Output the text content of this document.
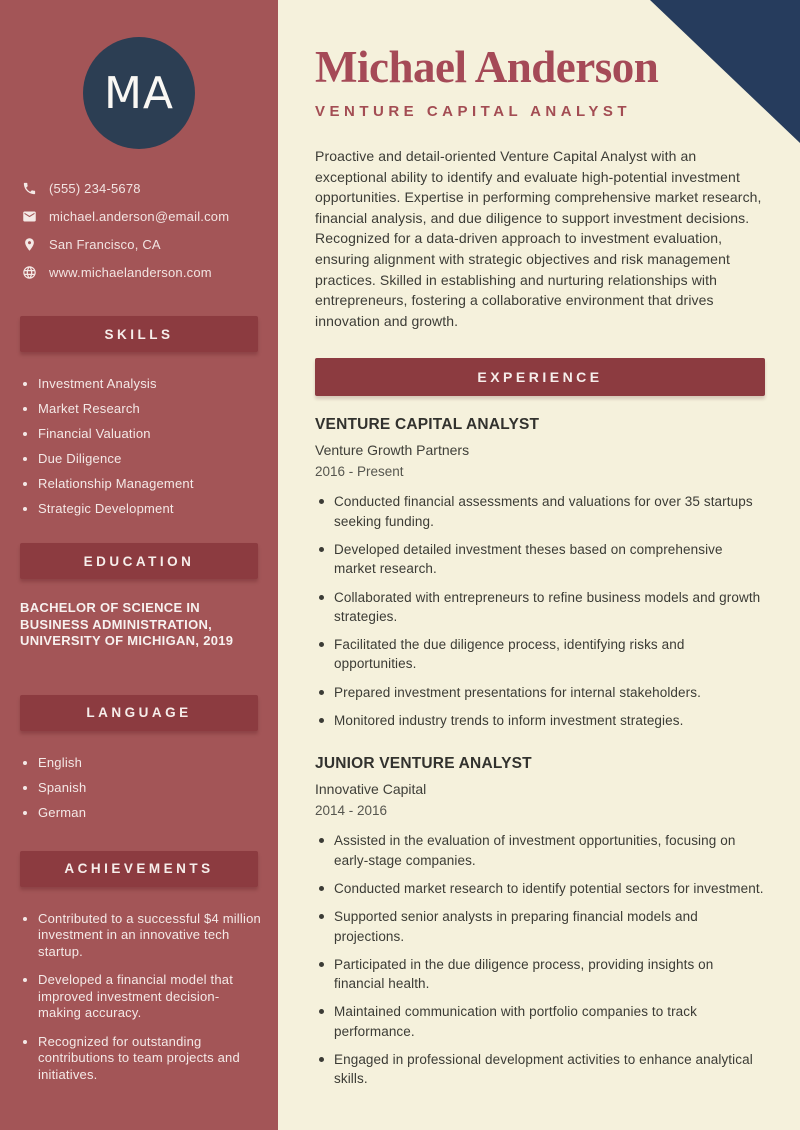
MA
(555) 234-5678
michael.anderson@email.com
San Francisco, CA
www.michaelanderson.com
SKILLS
Investment Analysis
Market Research
Financial Valuation
Due Diligence
Relationship Management
Strategic Development
EDUCATION
BACHELOR OF SCIENCE IN BUSINESS ADMINISTRATION, UNIVERSITY OF MICHIGAN, 2019
LANGUAGE
English
Spanish
German
ACHIEVEMENTS
Contributed to a successful $4 million investment in an innovative tech startup.
Developed a financial model that improved investment decision-making accuracy.
Recognized for outstanding contributions to team projects and initiatives.
Michael Anderson
VENTURE CAPITAL ANALYST

Proactive and detail-oriented Venture Capital Analyst with an exceptional ability to identify and evaluate high-potential investment opportunities. Expertise in performing comprehensive market research, financial analysis, and due diligence to support investment decisions. Recognized for a data-driven approach to investment evaluation, ensuring alignment with strategic objectives and risk management practices. Skilled in establishing and nurturing relationships with entrepreneurs, fostering a collaborative environment that drives innovation and growth.

EXPERIENCE
VENTURE CAPITAL ANALYST
Venture Growth Partners
2016 - Present
Conducted financial assessments and valuations for over 35 startups seeking funding.
Developed detailed investment theses based on comprehensive market research.
Collaborated with entrepreneurs to refine business models and growth strategies.
Facilitated the due diligence process, identifying risks and opportunities.
Prepared investment presentations for internal stakeholders.
Monitored industry trends to inform investment strategies.
JUNIOR VENTURE ANALYST
Innovative Capital
2014 - 2016
Assisted in the evaluation of investment opportunities, focusing on early-stage companies.
Conducted market research to identify potential sectors for investment.
Supported senior analysts in preparing financial models and projections.
Participated in the due diligence process, providing insights on financial health.
Maintained communication with portfolio companies to track performance.
Engaged in professional development activities to enhance analytical skills.
